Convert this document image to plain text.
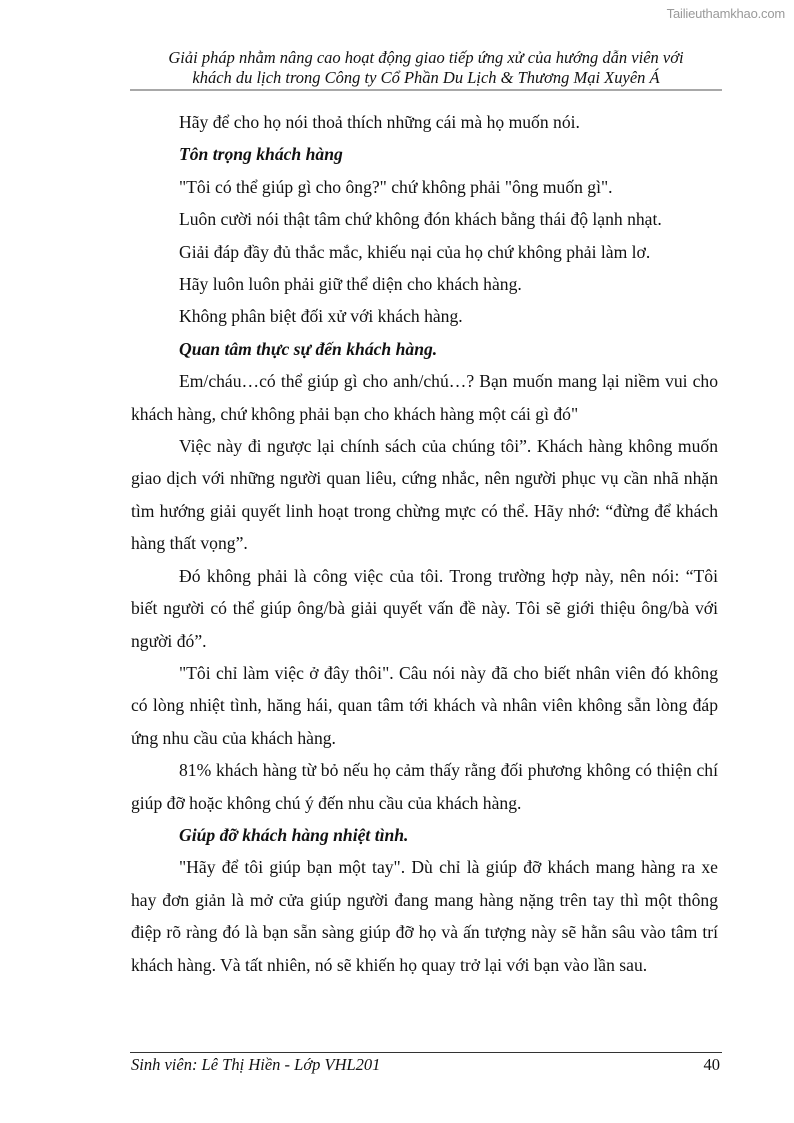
Tailieuthamkhao.com
Giải pháp nhằm nâng cao hoạt động giao tiếp ứng xử của hướng dẫn viên với
khách du lịch trong Công ty Cổ Phần Du Lịch & Thương Mại Xuyên Á

Hãy để cho họ nói thoả thích những cái mà họ muốn nói.

Tôn trọng khách hàng

"Tôi có thể giúp gì cho ông?" chứ không phải "ông muốn gì".

Luôn cười nói thật tâm chứ không đón khách bằng thái độ lạnh nhạt.

Giải đáp đầy đủ thắc mắc, khiếu nại của họ chứ không phải làm lơ.

Hãy luôn luôn phải giữ thể diện cho khách hàng.

Không phân biệt đối xử với khách hàng.

Quan tâm thực sự đến khách hàng.

Em/cháu…có thể giúp gì cho anh/chú…? Bạn muốn mang lại niềm vui cho khách hàng, chứ không phải bạn cho khách hàng một cái gì đó"

Việc này đi ngược lại chính sách của chúng tôi”. Khách hàng không muốn giao dịch với những người quan liêu, cứng nhắc, nên người phục vụ cần nhã nhặn tìm hướng giải quyết linh hoạt trong chừng mực có thể. Hãy nhớ: “đừng để khách hàng thất vọng”.

Đó không phải là công việc của tôi. Trong trường hợp này, nên nói: “Tôi biết người có thể giúp ông/bà giải quyết vấn đề này. Tôi sẽ giới thiệu ông/bà với người đó”.

"Tôi chỉ làm việc ở đây thôi". Câu nói này đã cho biết nhân viên đó không có lòng nhiệt tình, hăng hái, quan tâm tới khách và nhân viên không sẵn lòng đáp ứng nhu cầu của khách hàng.

81% khách hàng từ bỏ nếu họ cảm thấy rằng đối phương không có thiện chí giúp đỡ hoặc không chú ý đến nhu cầu của khách hàng.

Giúp đỡ khách hàng nhiệt tình.

"Hãy để tôi giúp bạn một tay". Dù chỉ là giúp đỡ khách mang hàng ra xe hay đơn giản là mở cửa giúp người đang mang hàng nặng trên tay thì một thông điệp rõ ràng đó là bạn sẵn sàng giúp đỡ họ và ấn tượng này sẽ hằn sâu vào tâm trí khách hàng. Và tất nhiên, nó sẽ khiến họ quay trở lại với bạn vào lần sau.

Sinh viên: Lê Thị Hiền - Lớp VHL201	40
